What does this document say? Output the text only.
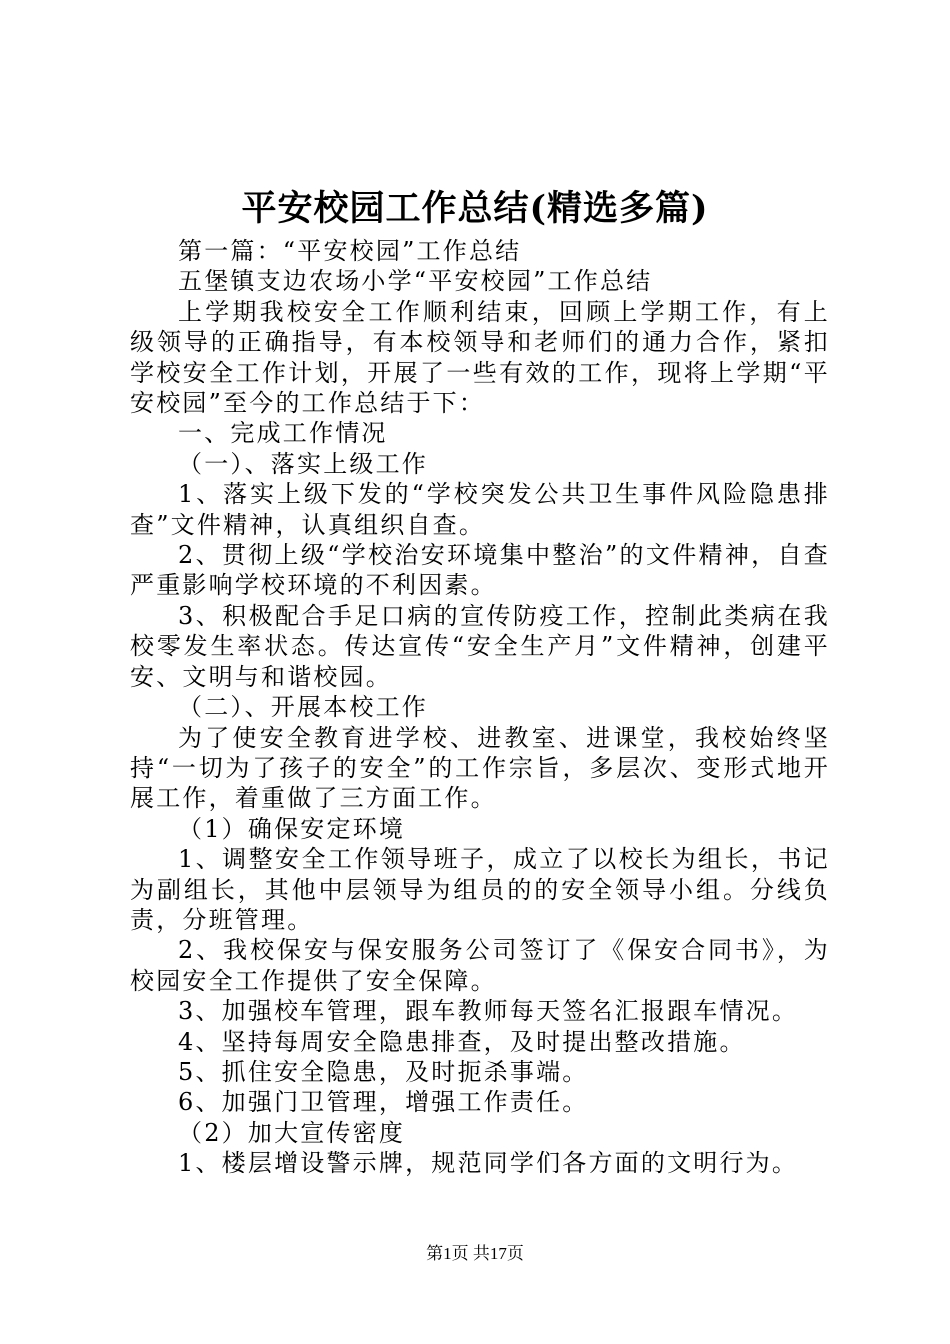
平安校园工作总结(精选多篇)

第一篇：“平安校园”工作总结

五堡镇支边农场小学“平安校园”工作总结

上学期我校安全工作顺利结束，回顾上学期工作，有上级领导的正确指导，有本校领导和老师们的通力合作，紧扣学校安全工作计划，开展了一些有效的工作，现将上学期“平安校园”至今的工作总结于下：

一、完成工作情况

（一）、落实上级工作

1、落实上级下发的“学校突发公共卫生事件风险隐患排查”文件精神，认真组织自查。

2、贯彻上级“学校治安环境集中整治”的文件精神，自查严重影响学校环境的不利因素。

3、积极配合手足口病的宣传防疫工作，控制此类病在我校零发生率状态。传达宣传“安全生产月”文件精神，创建平安、文明与和谐校园。

（二）、开展本校工作

为了使安全教育进学校、进教室、进课堂，我校始终坚持“一切为了孩子的安全”的工作宗旨，多层次、变形式地开展工作，着重做了三方面工作。

（1）确保安定环境

1、调整安全工作领导班子，成立了以校长为组长，书记为副组长，其他中层领导为组员的的安全领导小组。分线负责，分班管理。

2、我校保安与保安服务公司签订了《保安合同书》，为校园安全工作提供了安全保障。

3、加强校车管理，跟车教师每天签名汇报跟车情况。

4、坚持每周安全隐患排查，及时提出整改措施。

5、抓住安全隐患，及时扼杀事端。

6、加强门卫管理，增强工作责任。

（2）加大宣传密度

1、楼层增设警示牌，规范同学们各方面的文明行为。

第1页 共17页
